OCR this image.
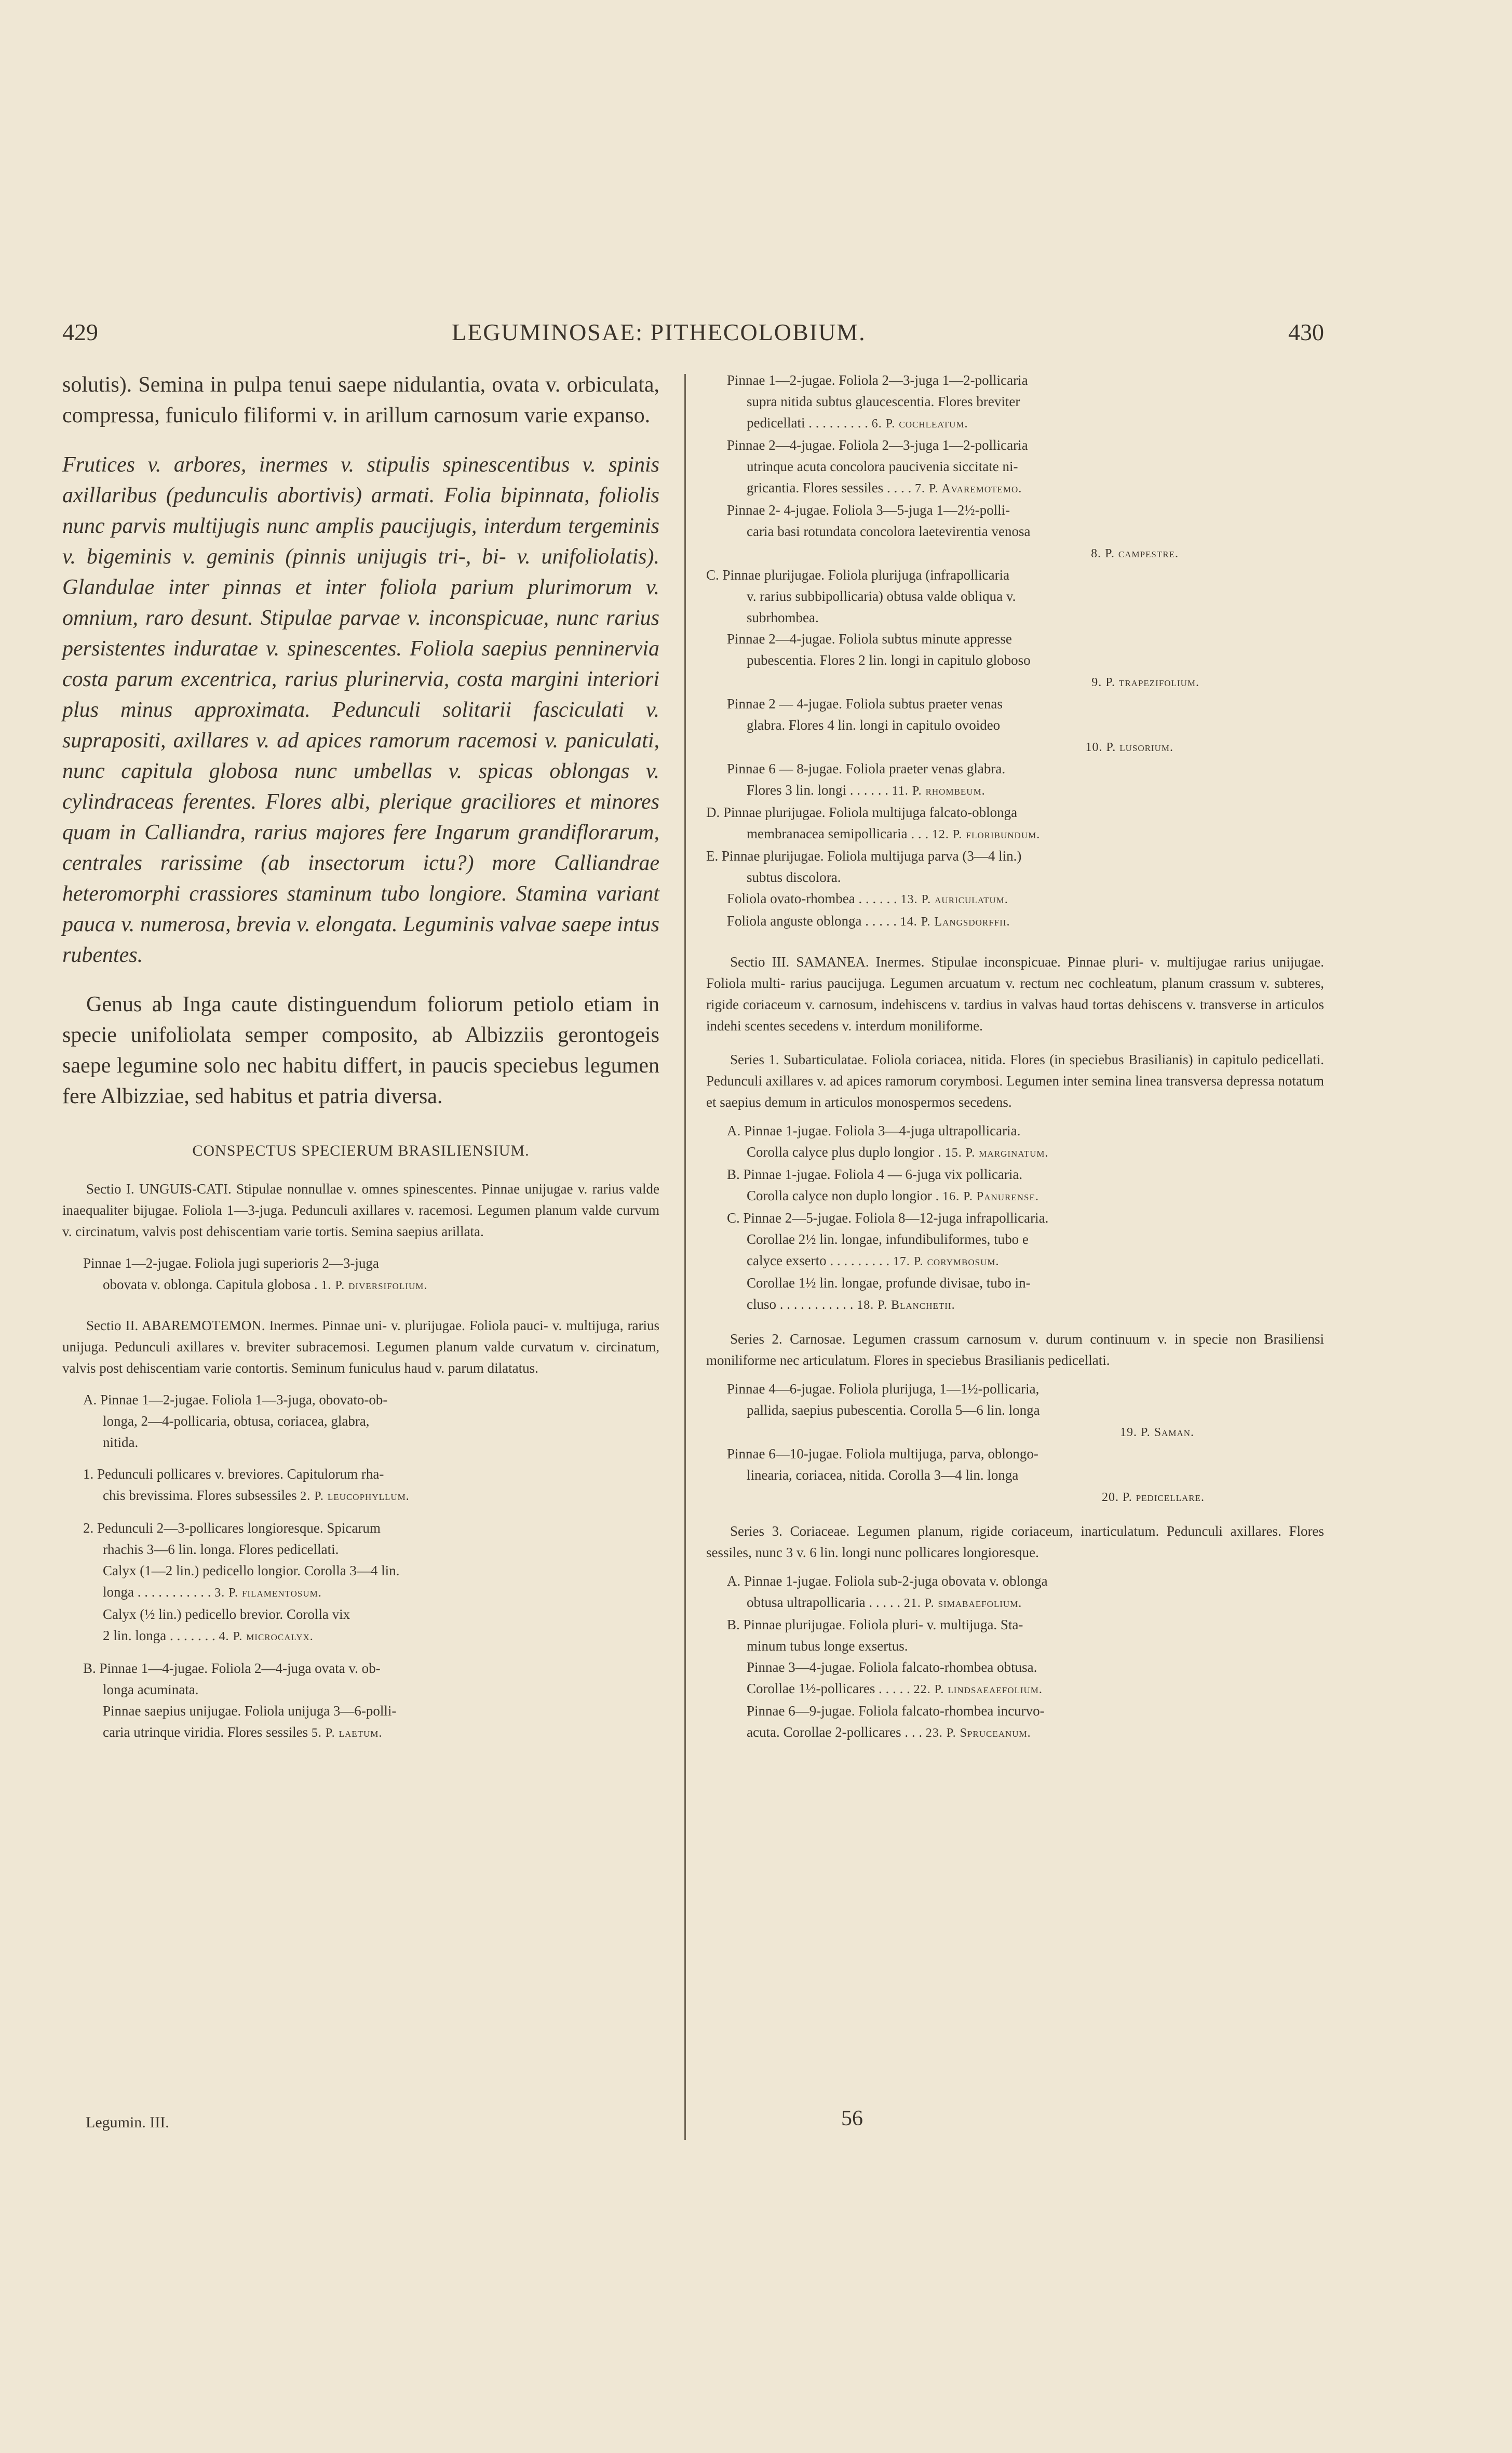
429	LEGUMINOSAE: PITHECOLOBIUM.	430

solutis). Semina in pulpa tenui saepe nidulantia, ovata v. orbiculata, compressa, funiculo filiformi v. in arillum carnosum varie expanso.

Frutices v. arbores, inermes v. stipulis spinescentibus v. spinis axillaribus (pedunculis abortivis) armati. Folia bipinnata, foliolis nunc parvis multijugis nunc amplis paucijugis, interdum tergeminis v. bigeminis v. geminis (pinnis unijugis tri-, bi- v. unifoliolatis). Glandulae inter pinnas et inter foliola parium plurimorum v. omnium, raro desunt. Stipulae parvae v. inconspicuae, nunc rarius persistentes induratae v. spinescentes. Foliola saepius penninervia costa parum excentrica, rarius plurinervia, costa margini interiori plus minus approximata. Pedunculi solitarii fasciculati v. suprapositi, axillares v. ad apices ramorum racemosi v. paniculati, nunc capitula globosa nunc umbellas v. spicas oblongas v. cylindraceas ferentes. Flores albi, plerique graciliores et minores quam in Calliandra, rarius majores fere Ingarum grandiflorarum, centrales rarissime (ab insectorum ictu?) more Calliandrae heteromorphi crassiores staminum tubo longiore. Stamina variant pauca v. numerosa, brevia v. elongata. Leguminis valvae saepe intus rubentes.

Genus ab Inga caute distinguendum foliorum petiolo etiam in specie unifoliolata semper composito, ab Albizziis gerontogeis saepe legumine solo nec habitu differt, in paucis speciebus legumen fere Albizziae, sed habitus et patria diversa.

CONSPECTUS SPECIERUM BRASILIENSIUM.

Sectio I. UNGUIS-CATI. Stipulae nonnullae v. omnes spinescentes. Pinnae unijugae v. rarius valde inaequaliter bijugae. Foliola 1—3-juga. Pedunculi axillares v. racemosi. Legumen planum valde curvum v. circinatum, valvis post dehiscentiam varie tortis. Semina saepius arillata.

Pinnae 1—2-jugae. Foliola jugi superioris 2—3-juga
obovata v. oblonga. Capitula globosa . 1. P. diversifolium.

Sectio II. ABAREMOTEMON. Inermes. Pinnae uni- v. plurijugae. Foliola pauci- v. multijuga, rarius unijuga. Pedunculi axillares v. breviter subracemosi. Legumen planum valde curvatum v. circinatum, valvis post dehiscentiam varie contortis. Seminum funiculus haud v. parum dilatatus.

A. Pinnae 1—2-jugae. Foliola 1—3-juga, obovato-ob-
longa, 2—4-pollicaria, obtusa, coriacea, glabra,
nitida.

1. Pedunculi pollicares v. breviores. Capitulorum rha-
chis brevissima. Flores subsessiles 2. P. leucophyllum.

2. Pedunculi 2—3-pollicares longioresque. Spicarum
rhachis 3—6 lin. longa. Flores pedicellati.
Calyx (1—2 lin.) pedicello longior. Corolla 3—4 lin.
longa . . . . . . . . . . . 3. P. filamentosum.
Calyx (½ lin.) pedicello brevior. Corolla vix
2 lin. longa . . . . . . . 4. P. microcalyx.

B. Pinnae 1—4-jugae. Foliola 2—4-juga ovata v. ob-
longa acuminata.
Pinnae saepius unijugae. Foliola unijuga 3—6-polli-
caria utrinque viridia. Flores sessiles 5. P. laetum.

Legumin. III.

Pinnae 1—2-jugae. Foliola 2—3-juga 1—2-pollicaria
supra nitida subtus glaucescentia. Flores breviter
pedicellati . . . . . . . . . 6. P. cochleatum.
Pinnae 2—4-jugae. Foliola 2—3-juga 1—2-pollicaria
utrinque acuta concolora paucivenia siccitate ni-
gricantia. Flores sessiles . . . . 7. P. Avaremotemo.
Pinnae 2- 4-jugae. Foliola 3—5-juga 1—2½-polli-
caria basi rotundata concolora laetevirentia venosa
8. P. campestre.

C. Pinnae plurijugae. Foliola plurijuga (infrapollicaria
v. rarius subbipollicaria) obtusa valde obliqua v.
subrhombea.
Pinnae 2—4-jugae. Foliola subtus minute appresse
pubescentia. Flores 2 lin. longi in capitulo globoso
9. P. trapezifolium.
Pinnae 2 — 4-jugae. Foliola subtus praeter venas
glabra. Flores 4 lin. longi in capitulo ovoideo
10. P. lusorium.
Pinnae 6 — 8-jugae. Foliola praeter venas glabra.
Flores 3 lin. longi . . . . . . 11. P. rhombeum.
D. Pinnae plurijugae. Foliola multijuga falcato-oblonga
membranacea semipollicaria . . . 12. P. floribundum.
E. Pinnae plurijugae. Foliola multijuga parva (3—4 lin.)
subtus discolora.
Foliola ovato-rhombea . . . . . . 13. P. auriculatum.
Foliola anguste oblonga . . . . . 14. P. Langsdorffii.

Sectio III. SAMANEA. Inermes. Stipulae inconspicuae. Pinnae pluri- v. multijugae rarius unijugae. Foliola multi- rarius paucijuga. Legumen arcuatum v. rectum nec cochleatum, planum crassum v. subteres, rigide coriaceum v. carnosum, indehiscens v. tardius in valvas haud tortas dehiscens v. transverse in articulos indehi scentes secedens v. interdum moniliforme.

Series 1. Subarticulatae. Foliola coriacea, nitida. Flores (in speciebus Brasilianis) in capitulo pedicellati. Pedunculi axillares v. ad apices ramorum corymbosi. Legumen inter semina linea transversa depressa notatum et saepius demum in articulos monospermos secedens.

A. Pinnae 1-jugae. Foliola 3—4-juga ultrapollicaria.
Corolla calyce plus duplo longior . 15. P. marginatum.
B. Pinnae 1-jugae. Foliola 4 — 6-juga vix pollicaria.
Corolla calyce non duplo longior . 16. P. Panurense.
C. Pinnae 2—5-jugae. Foliola 8—12-juga infrapollicaria.
Corollae 2½ lin. longae, infundibuliformes, tubo e
calyce exserto . . . . . . . . . 17. P. corymbosum.
Corollae 1½ lin. longae, profunde divisae, tubo in-
cluso . . . . . . . . . . . 18. P. Blanchetii.

Series 2. Carnosae. Legumen crassum carnosum v. durum continuum v. in specie non Brasiliensi moniliforme nec articulatum. Flores in speciebus Brasilianis pedicellati.

Pinnae 4—6-jugae. Foliola plurijuga, 1—1½-pollicaria,
pallida, saepius pubescentia. Corolla 5—6 lin. longa
19. P. Saman.
Pinnae 6—10-jugae. Foliola multijuga, parva, oblongo-
linearia, coriacea, nitida. Corolla 3—4 lin. longa
20. P. pedicellare.

Series 3. Coriaceae. Legumen planum, rigide coriaceum, inarticulatum. Pedunculi axillares. Flores sessiles, nunc 3 v. 6 lin. longi nunc pollicares longioresque.

A. Pinnae 1-jugae. Foliola sub-2-juga obovata v. oblonga
obtusa ultrapollicaria . . . . . 21. P. simabaefolium.
B. Pinnae plurijugae. Foliola pluri- v. multijuga. Sta-
minum tubus longe exsertus.
Pinnae 3—4-jugae. Foliola falcato-rhombea obtusa.
Corollae 1½-pollicares . . . . . 22. P. lindsaeaefolium.
Pinnae 6—9-jugae. Foliola falcato-rhombea incurvo-
acuta. Corollae 2-pollicares . . . 23. P. Spruceanum.

56
